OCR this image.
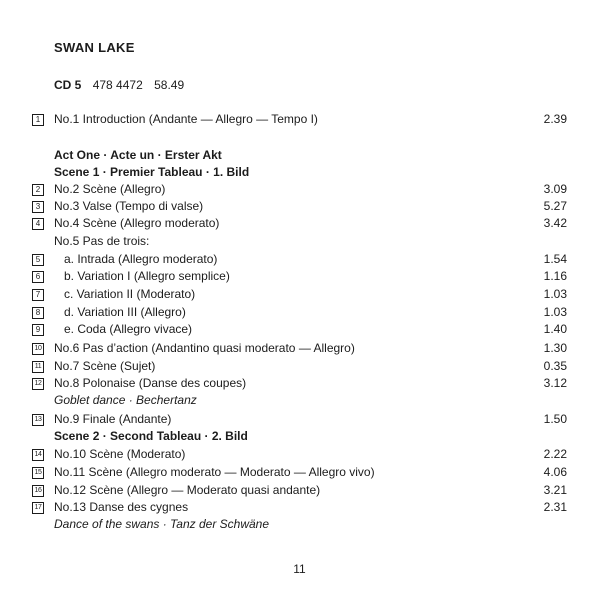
SWAN LAKE
CD 5 478 4472 58.49
1	No.1 Introduction (Andante — Allegro — Tempo I)	2.39
Act One · Acte un · Erster Akt
Scene 1 · Premier Tableau · 1. Bild
2	No.2 Scène (Allegro)	3.09
3	No.3 Valse (Tempo di valse)	5.27
4	No.4 Scène (Allegro moderato)	3.42
No.5 Pas de trois:
5	a. Intrada (Allegro moderato)	1.54
6	b. Variation I (Allegro semplice)	1.16
7	c. Variation II (Moderato)	1.03
8	d. Variation III (Allegro)	1.03
9	e. Coda (Allegro vivace)	1.40
10 No.6 Pas d’action (Andantino quasi moderato — Allegro)	1.30
11 No.7 Scène (Sujet)	0.35
12 No.8 Polonaise (Danse des coupes)	3.12
Goblet dance · Bechertanz
13 No.9 Finale (Andante)	1.50
Scene 2 · Second Tableau · 2. Bild
14 No.10 Scène (Moderato)	2.22
15 No.11 Scène (Allegro moderato — Moderato — Allegro vivo)	4.06
16 No.12 Scène (Allegro — Moderato quasi andante)	3.21
17 No.13 Danse des cygnes	2.31
Dance of the swans · Tanz der Schwäne
11
